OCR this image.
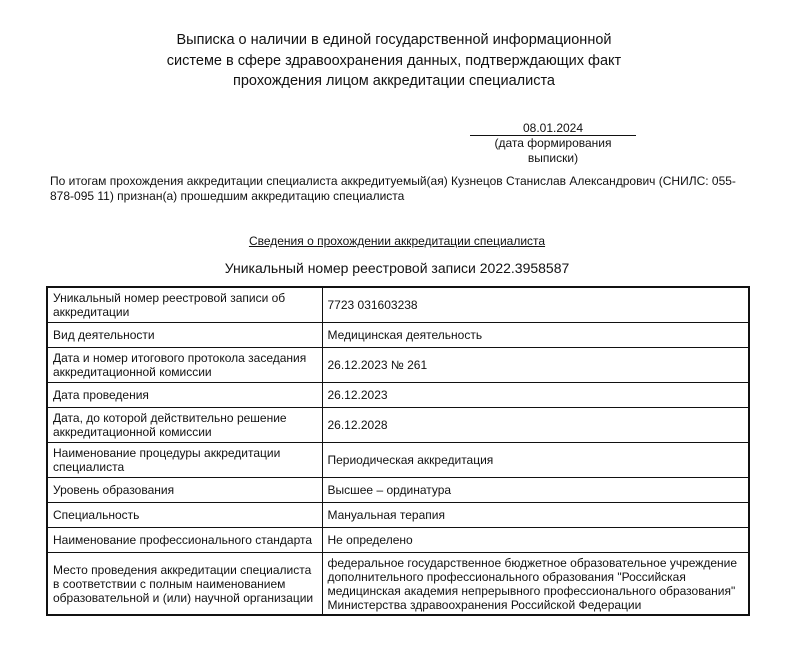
Выписка о наличии в единой государственной информационной
системе в сфере здравоохранения данных, подтверждающих факт
прохождения лицом аккредитации специалиста
08.01.2024
(дата формирования выписки)

По итогам прохождения аккредитации специалиста аккредитуемый(ая) Кузнецов Станислав Александрович (СНИЛС: 055-878-095 11) признан(а) прошедшим аккредитацию специалиста

Сведения о прохождении аккредитации специалиста
Уникальный номер реестровой записи 2022.3958587
Уникальный номер реестровой записи об аккредитации	7723 031603238
Вид деятельности	Медицинская деятельность
Дата и номер итогового протокола заседания аккредитационной комиссии	26.12.2023 № 261
Дата проведения	26.12.2023
Дата, до которой действительно решение аккредитационной комиссии	26.12.2028
Наименование процедуры аккредитации специалиста	Периодическая аккредитация
Уровень образования	Высшее – ординатура
Специальность	Мануальная терапия
Наименование профессионального стандарта	Не определено
Место проведения аккредитации специалиста в соответствии с полным наименованием образовательной и (или) научной организации	федеральное государственное бюджетное образовательное учреждение дополнительного профессионального образования "Российская медицинская академия непрерывного профессионального образования" Министерства здравоохранения Российской Федерации
